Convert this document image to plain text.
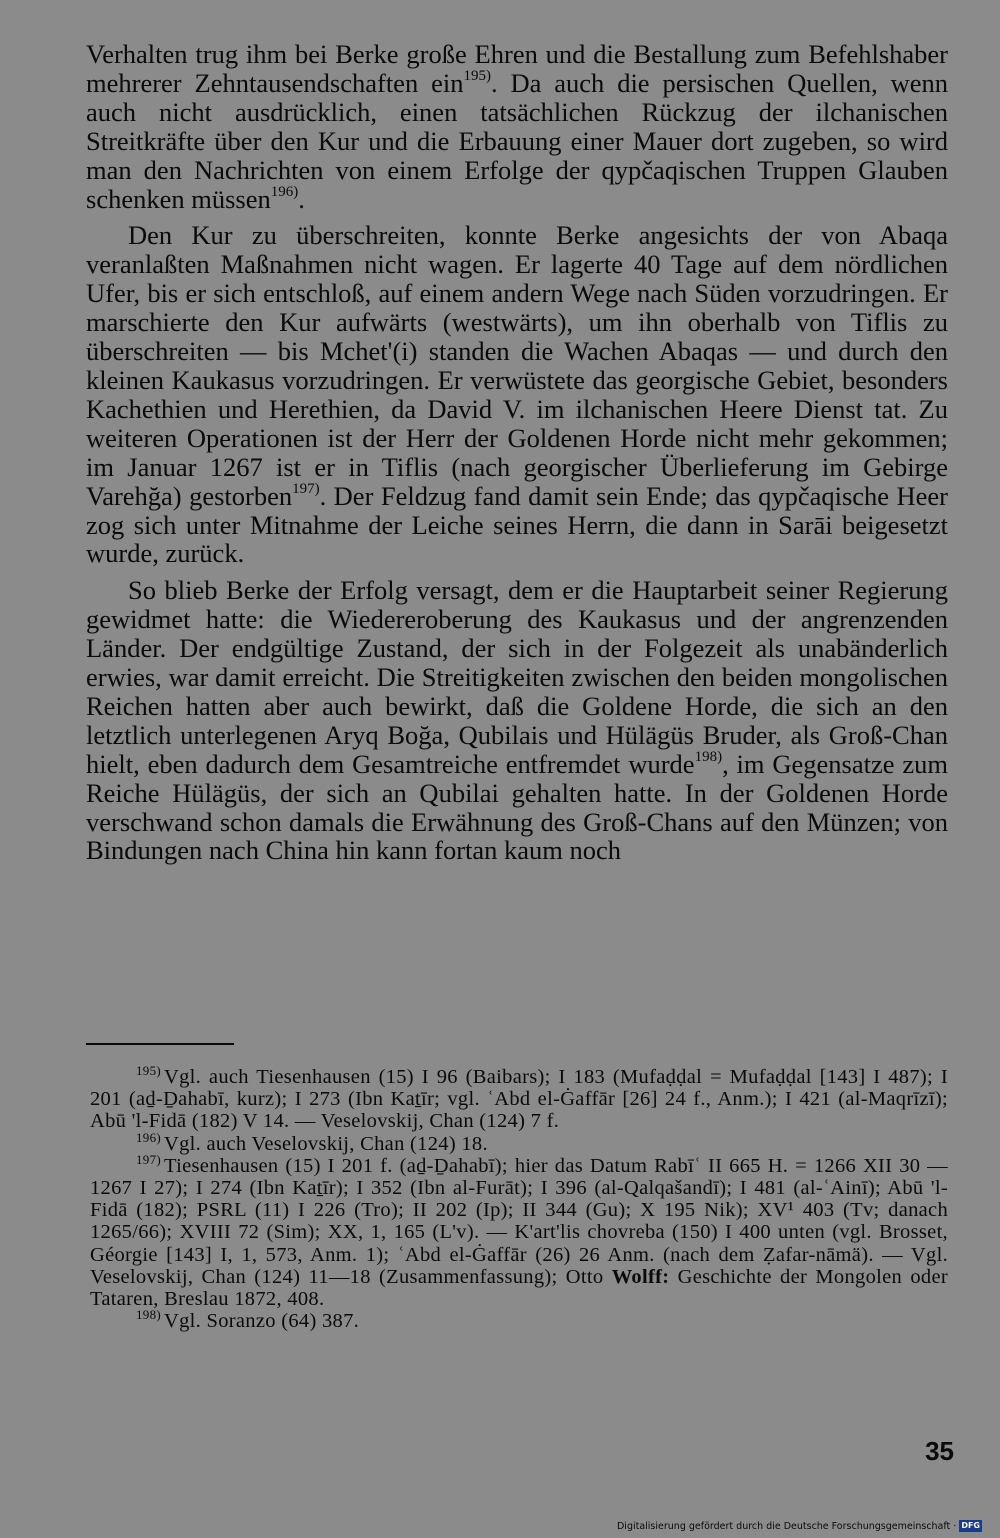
Verhalten trug ihm bei Berke große Ehren und die Bestallung zum Befehlshaber mehrerer Zehntausendschaften ein$^{195)}$. Da auch die persischen Quellen, wenn auch nicht ausdrücklich, einen tatsächlichen Rückzug der ilchanischen Streitkräfte über den Kur und die Erbauung einer Mauer dort zugeben, so wird man den Nachrichten von einem Erfolge der qypčaqischen Truppen Glauben schenken müssen$^{196)}$.

Den Kur zu überschreiten, konnte Berke angesichts der von Abaqa veranlaßten Maßnahmen nicht wagen. Er lagerte 40 Tage auf dem nördlichen Ufer, bis er sich entschloß, auf einem andern Wege nach Süden vorzudringen. Er marschierte den Kur aufwärts (westwärts), um ihn oberhalb von Tiflis zu überschreiten — bis Mchet'(i) standen die Wachen Abaqas — und durch den kleinen Kaukasus vorzudringen. Er verwüstete das georgische Gebiet, besonders Kachethien und Herethien, da David V. im ilchanischen Heere Dienst tat. Zu weiteren Operationen ist der Herr der Goldenen Horde nicht mehr gekommen; im Januar 1267 ist er in Tiflis (nach georgischer Überlieferung im Gebirge Varehğa) gestorben$^{197)}$. Der Feldzug fand damit sein Ende; das qypčaqische Heer zog sich unter Mitnahme der Leiche seines Herrn, die dann in Sarāi beigesetzt wurde, zurück.

So blieb Berke der Erfolg versagt, dem er die Hauptarbeit seiner Regierung gewidmet hatte: die Wiedereroberung des Kaukasus und der angrenzenden Länder. Der endgültige Zustand, der sich in der Folgezeit als unabänderlich erwies, war damit erreicht. Die Streitigkeiten zwischen den beiden mongolischen Reichen hatten aber auch bewirkt, daß die Goldene Horde, die sich an den letztlich unterlegenen Aryq Boğa, Qubilais und Hülägüs Bruder, als Groß-Chan hielt, eben dadurch dem Gesamtreiche entfremdet wurde$^{198)}$, im Gegensatze zum Reiche Hülägüs, der sich an Qubilai gehalten hatte. In der Goldenen Horde verschwand schon damals die Erwähnung des Groß-Chans auf den Münzen; von Bindungen nach China hin kann fortan kaum noch

$^{195)}$ Vgl. auch Tiesenhausen (15) I 96 (Baibars); I 183 (Mufaḍḍal = Mufaḍḍal [143] I 487); I 201 (aḏ-Ḏahabī, kurz); I 273 (Ibn Kaṯīr; vgl. ʿAbd el-Ġaffār [26] 24 f., Anm.); I 421 (al-Maqrīzī); Abū 'l-Fidā (182) V 14. — Veselovskij, Chan (124) 7 f.

$^{196)}$ Vgl. auch Veselovskij, Chan (124) 18.

$^{197)}$ Tiesenhausen (15) I 201 f. (aḏ-Ḏahabī); hier das Datum Rabīʿ II 665 H. = 1266 XII 30 — 1267 I 27); I 274 (Ibn Kaṯīr); I 352 (Ibn al-Furāt); I 396 (al-Qalqašandī); I 481 (al-ʿAinī); Abū 'l-Fidā (182); PSRL (11) I 226 (Tro); II 202 (Ip); II 344 (Gu); X 195 Nik); XV¹ 403 (Tv; danach 1265/66); XVIII 72 (Sim); XX, 1, 165 (L'v). — K'art'lis chovreba (150) I 400 unten (vgl. Brosset, Géorgie [143] I, 1, 573, Anm. 1); ʿAbd el-Ġaffār (26) 26 Anm. (nach dem Ẓafar-nāmä). — Vgl. Veselovskij, Chan (124) 11—18 (Zusammenfassung); Otto Wolff: Geschichte der Mongolen oder Tataren, Breslau 1872, 408.

$^{198)}$ Vgl. Soranzo (64) 387.

35
Digitalisierung gefördert durch die Deutsche Forschungsgemeinschaft · DFG
